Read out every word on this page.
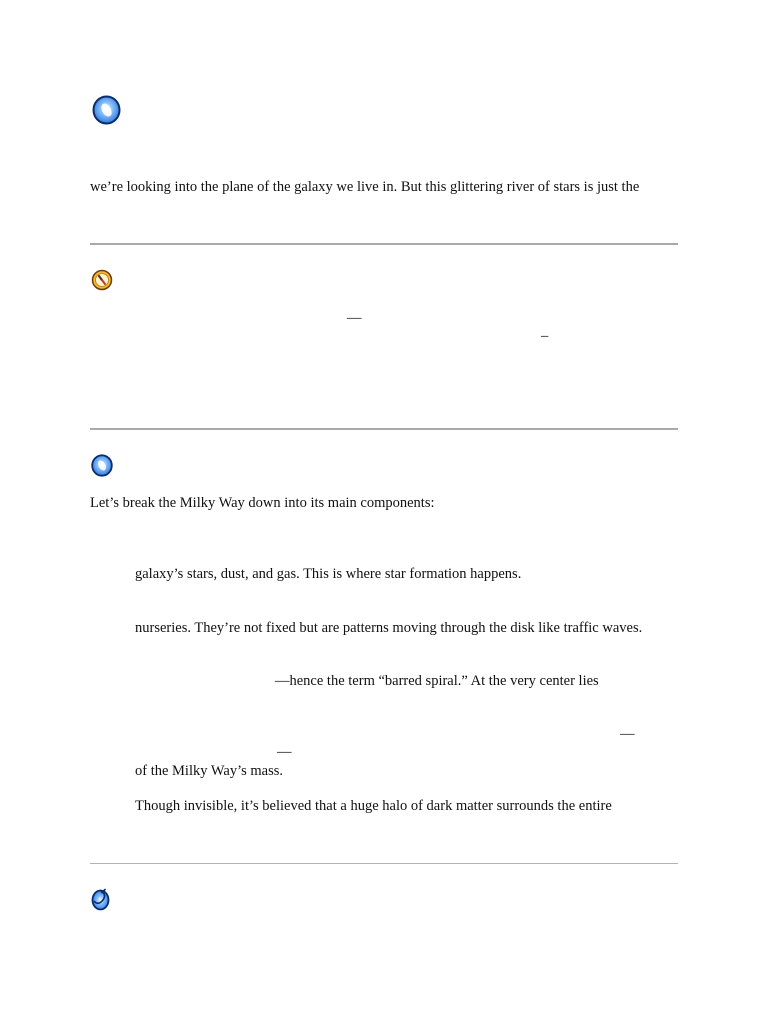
we’re looking into the plane of the galaxy we live in. But this glittering river of stars is just the
—
–
Let’s break the Milky Way down into its main components:
galaxy’s stars, dust, and gas. This is where star formation happens.
nurseries. They’re not fixed but are patterns moving through the disk like traffic waves.
—hence the term “barred spiral.” At the very center lies
—
—
of the Milky Way’s mass.
Though invisible, it’s believed that a huge halo of dark matter surrounds the entire
